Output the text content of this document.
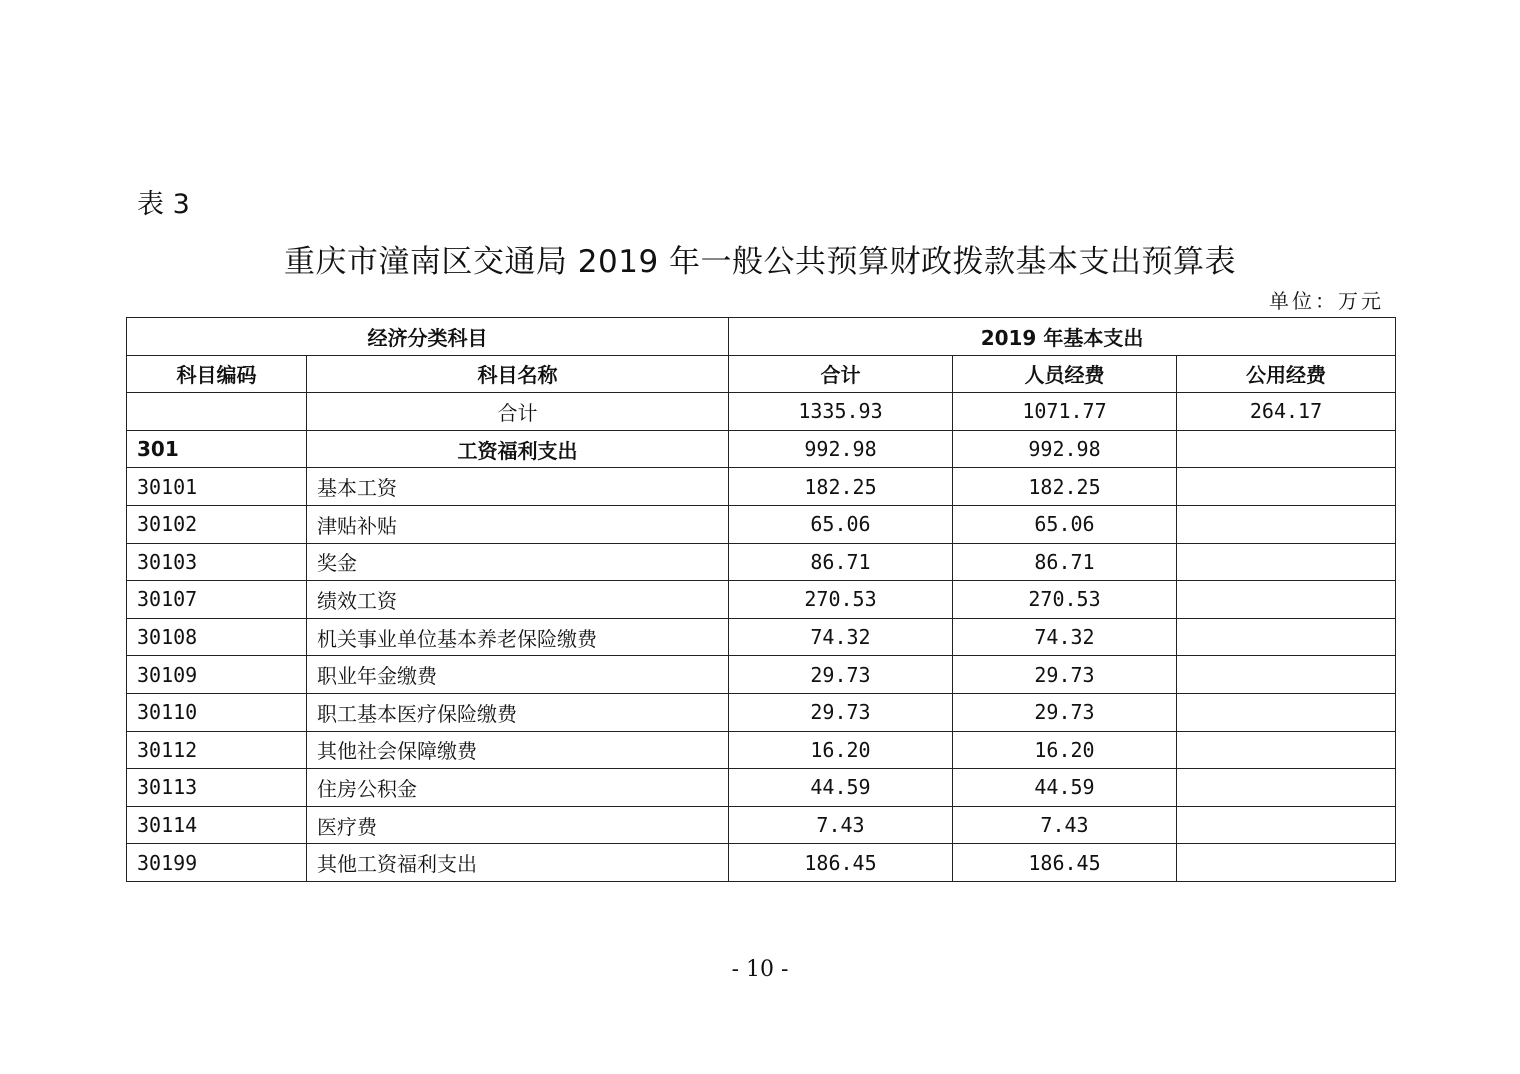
表 3
重庆市潼南区交通局 2019 年一般公共预算财政拨款基本支出预算表
单位：万元
经济分类科目		2019 年基本支出		
科目编码	科目名称	合计	人员经费	公用经费
	合计	1335.93	1071.77	264.17
301	工资福利支出	992.98	992.98	
30101	基本工资	182.25	182.25	
30102	津贴补贴	65.06	65.06	
30103	奖金	86.71	86.71	
30107	绩效工资	270.53	270.53	
30108	机关事业单位基本养老保险缴费	74.32	74.32	
30109	职业年金缴费	29.73	29.73	
30110	职工基本医疗保险缴费	29.73	29.73	
30112	其他社会保障缴费	16.20	16.20	
30113	住房公积金	44.59	44.59	
30114	医疗费	7.43	7.43	
30199	其他工资福利支出	186.45	186.45	
- 10 -
